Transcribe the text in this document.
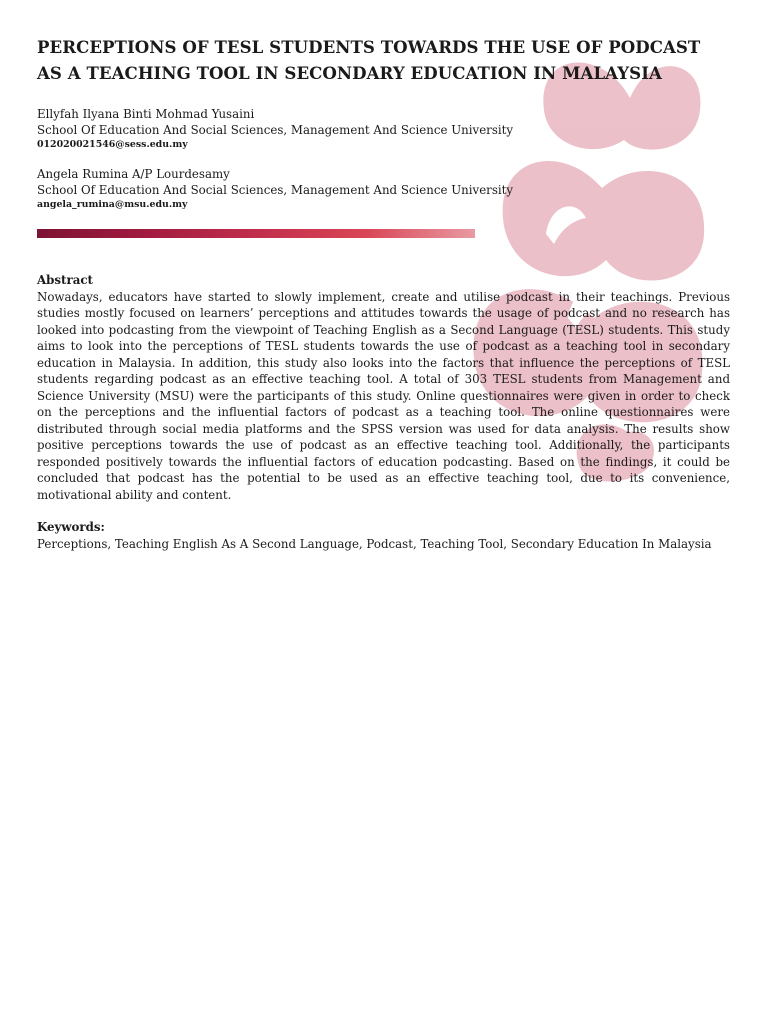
PERCEPTIONS OF TESL STUDENTS TOWARDS THE USE OF PODCAST AS A TEACHING TOOL IN SECONDARY EDUCATION IN MALAYSIA
Ellyfah Ilyana Binti Mohmad Yusaini
School Of Education And Social Sciences, Management And Science University
012020021546@sess.edu.my
Angela Rumina A/P Lourdesamy
School Of Education And Social Sciences, Management And Science University
angela_rumina@msu.edu.my
Abstract

Nowadays, educators have started to slowly implement, create and utilise podcast in their teachings. Previous studies mostly focused on learners’ perceptions and attitudes towards the usage of podcast and no research has looked into podcasting from the viewpoint of Teaching English as a Second Language (TESL) students. This study aims to look into the perceptions of TESL students towards the use of podcast as a teaching tool in secondary education in Malaysia. In addition, this study also looks into the factors that influence the perceptions of TESL students regarding podcast as an effective teaching tool. A total of 303 TESL students from Management and Science University (MSU) were the participants of this study. Online questionnaires were given in order to check on the perceptions and the influential factors of podcast as a teaching tool. The online questionnaires were distributed through social media platforms and the SPSS version was used for data analysis. The results show positive perceptions towards the use of podcast as an effective teaching tool. Additionally, the participants responded positively towards the influential factors of education podcasting. Based on the findings, it could be concluded that podcast has the potential to be used as an effective teaching tool, due to its convenience, motivational ability and content.

Keywords:
Perceptions, Teaching English As A Second Language, Podcast, Teaching Tool, Secondary Education In Malaysia
